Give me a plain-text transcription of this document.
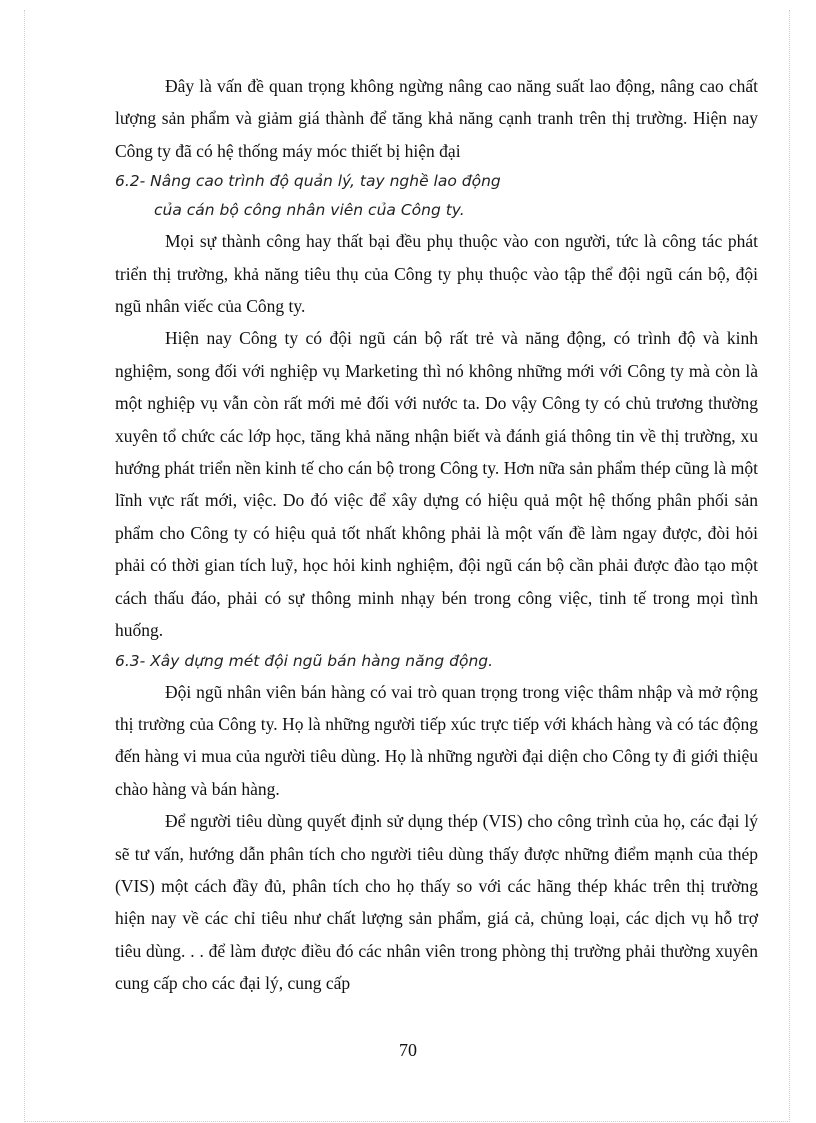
Đây là vấn đề quan trọng không ngừng nâng cao năng suất lao động, nâng cao chất lượng sản phẩm và giảm giá thành để tăng khả năng cạnh tranh trên thị trường. Hiện nay Công ty đã có hệ thống máy móc thiết bị hiện đại

6.2- Nâng cao trình độ quản lý, tay nghề lao động

của cán bộ công nhân viên của Công ty.

Mọi sự thành công hay thất bại đều phụ thuộc vào con người, tức là công tác phát triển thị trường, khả năng tiêu thụ của Công ty phụ thuộc vào tập thể đội ngũ cán bộ, đội ngũ nhân viếc của Công ty.

Hiện nay Công ty có đội ngũ cán bộ rất trẻ và năng động, có trình độ và kinh nghiệm, song đối với nghiệp vụ Marketing thì nó không những mới với Công ty mà còn là một nghiệp vụ vẫn còn rất mới mẻ đối với nước ta. Do vậy Công ty có chủ trương thường xuyên tổ chức các lớp học, tăng khả năng nhận biết và đánh giá thông tin về thị trường, xu hướng phát triển nền kinh tế cho cán bộ trong Công ty. Hơn nữa sản phẩm thép cũng là một lĩnh vực rất mới, việc. Do đó việc để xây dựng có hiệu quả một hệ thống phân phối sản phẩm cho Công ty có hiệu quả tốt nhất không phải là một vấn đề làm ngay được, đòi hỏi phải có thời gian tích luỹ, học hỏi kinh nghiệm, đội ngũ cán bộ cần phải được đào tạo một cách thấu đáo, phải có sự thông minh nhạy bén trong công việc, tinh tế trong mọi tình huống.

6.3- Xây dựng mét đội ngũ bán hàng năng động.

Đội ngũ nhân viên bán hàng có vai trò quan trọng trong việc thâm nhập và mở rộng thị trường của Công ty. Họ là những người tiếp xúc trực tiếp với khách hàng và có tác động đến hàng vi mua của người tiêu dùng. Họ là những người đại diện cho Công ty đi giới thiệu chào hàng và bán hàng.

Để người tiêu dùng quyết định sử dụng thép (VIS) cho công trình của họ, các đại lý sẽ tư vấn, hướng dẫn phân tích cho người tiêu dùng thấy được những điểm mạnh của thép (VIS) một cách đầy đủ, phân tích cho họ thấy so với các hãng thép khác trên thị trường hiện nay về các chỉ tiêu như chất lượng sản phẩm, giá cả, chủng loại, các dịch vụ hỗ trợ tiêu dùng. . . để làm được điều đó các nhân viên trong phòng thị trường phải thường xuyên cung cấp cho các đại lý, cung cấp

70
